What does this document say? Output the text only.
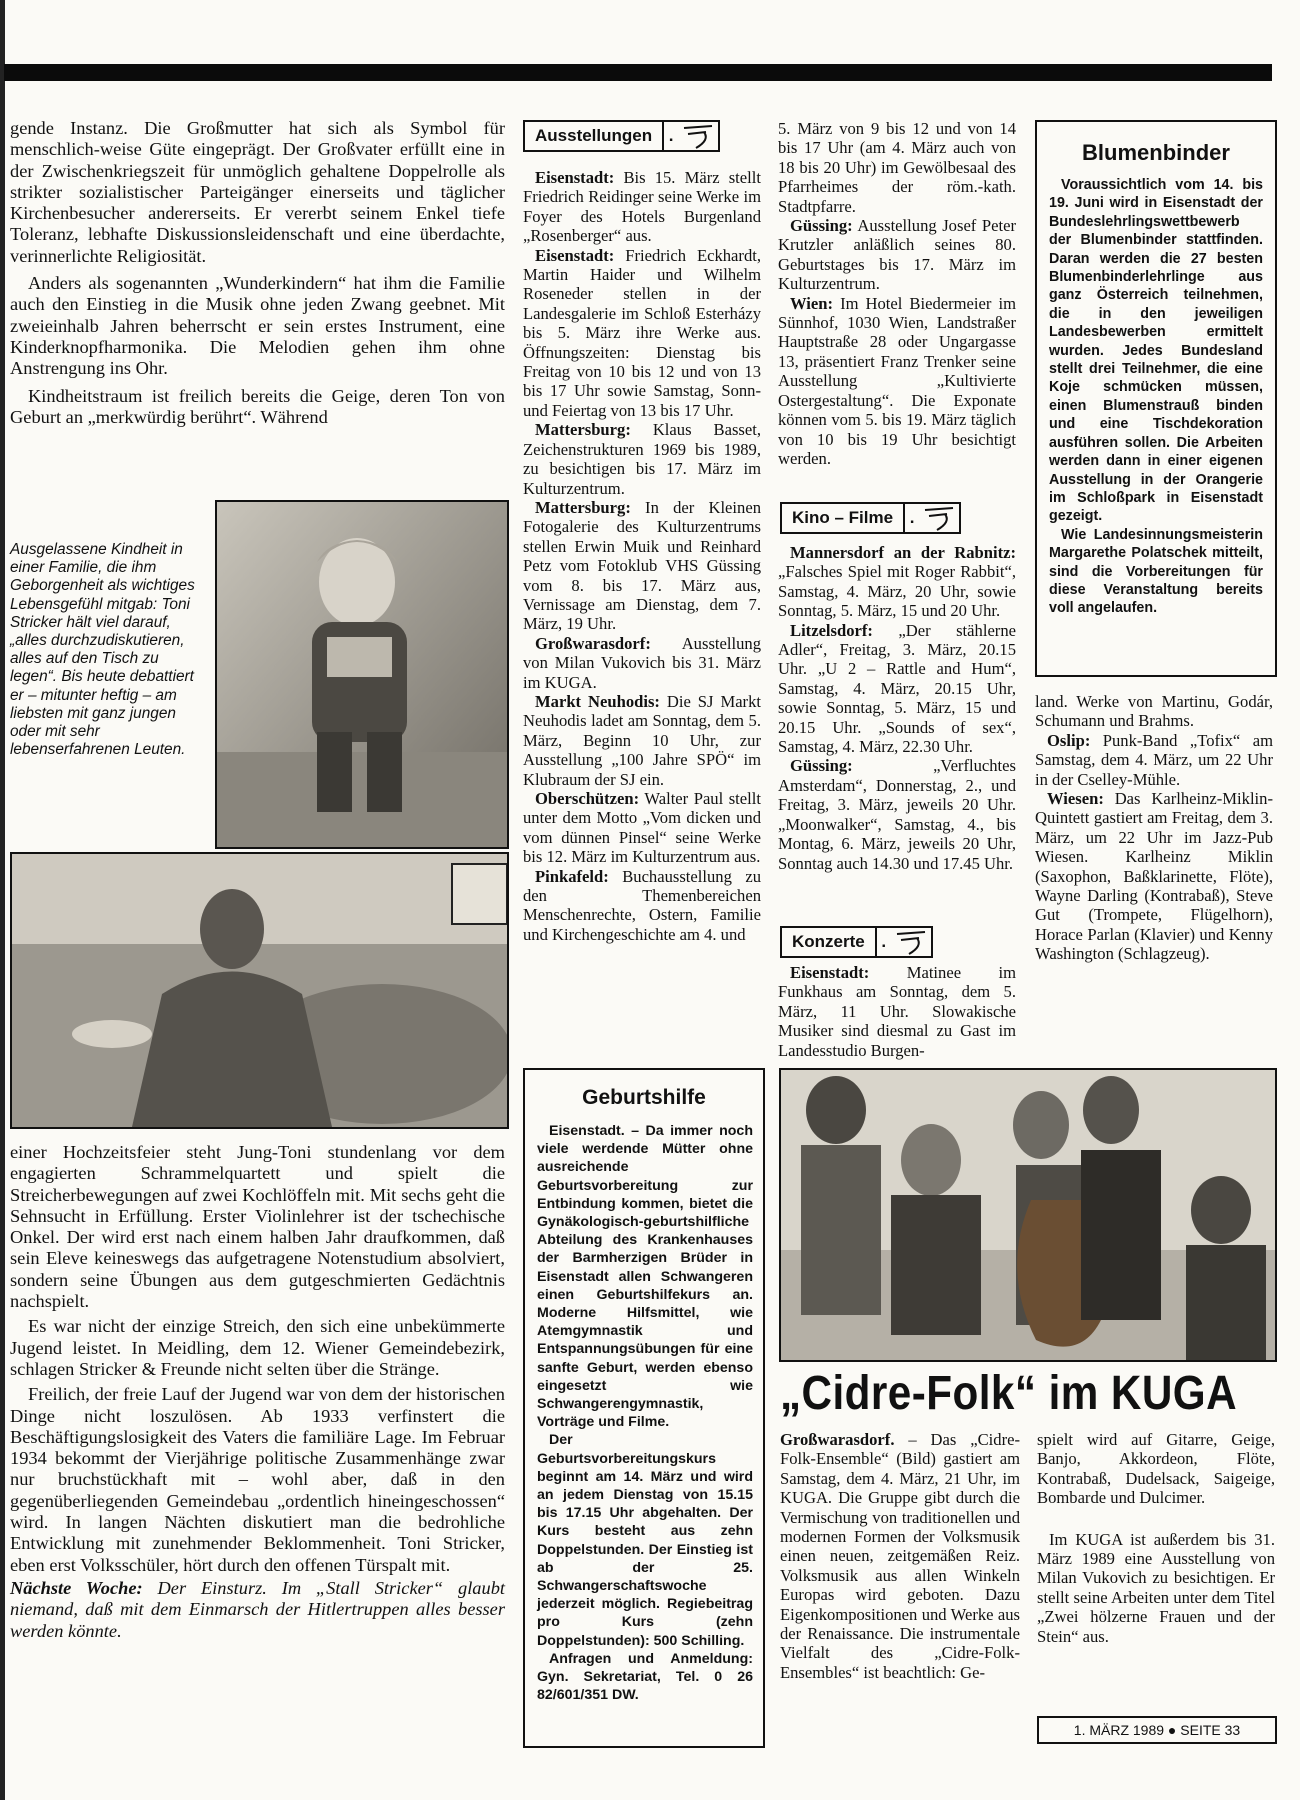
gende Instanz. Die Großmutter hat sich als Symbol für menschlich-weise Güte eingeprägt. Der Großvater erfüllt eine in der Zwischenkriegszeit für unmöglich gehaltene Doppelrolle als strikter sozialistischer Parteigänger einerseits und täglicher Kirchenbesucher andererseits. Er vererbt seinem Enkel tiefe Toleranz, lebhafte Diskussionsleidenschaft und eine überdachte, verinnerlichte Religiosität.

Anders als sogenannten „Wunderkindern“ hat ihm die Familie auch den Einstieg in die Musik ohne jeden Zwang geebnet. Mit zweieinhalb Jahren beherrscht er sein erstes Instrument, eine Kinderknopfharmonika. Die Melodien gehen ihm ohne Anstrengung ins Ohr.

Kindheitstraum ist freilich bereits die Geige, deren Ton von Geburt an „merkwürdig berührt“. Während

Ausgelassene Kindheit in einer Familie, die ihm Geborgenheit als wichtiges Lebensgefühl mitgab: Toni Stricker hält viel darauf, „alles durchzudiskutieren, alles auf den Tisch zu legen“. Bis heute debattiert er – mitunter heftig – am liebsten mit ganz jungen oder mit sehr lebenserfahrenen Leuten.

einer Hochzeitsfeier steht Jung-Toni stundenlang vor dem engagierten Schrammelquartett und spielt die Streicherbewegungen auf zwei Kochlöffeln mit. Mit sechs geht die Sehnsucht in Erfüllung. Erster Violinlehrer ist der tschechische Onkel. Der wird erst nach einem halben Jahr draufkommen, daß sein Eleve keineswegs das aufgetragene Notenstudium absolviert, sondern seine Übungen aus dem gutgeschmierten Gedächtnis nachspielt.

Es war nicht der einzige Streich, den sich eine unbekümmerte Jugend leistet. In Meidling, dem 12. Wiener Gemeindebezirk, schlagen Stricker & Freunde nicht selten über die Stränge.

Freilich, der freie Lauf der Jugend war von dem der historischen Dinge nicht loszulösen. Ab 1933 verfinstert die Beschäftigungslosigkeit des Vaters die familiäre Lage. Im Februar 1934 bekommt der Vierjährige politische Zusammenhänge zwar nur bruchstückhaft mit – wohl aber, daß in den gegenüberliegenden Gemeindebau „ordentlich hineingeschossen“ wird. In langen Nächten diskutiert man die bedrohliche Entwicklung mit zunehmender Beklommenheit. Toni Stricker, eben erst Volksschüler, hört durch den offenen Türspalt mit.

Nächste Woche: Der Einsturz. Im „Stall Stricker“ glaubt niemand, daß mit dem Einmarsch der Hitlertruppen alles besser werden könnte.

Ausstellungen .

Eisenstadt: Bis 15. März stellt Friedrich Reidinger seine Werke im Foyer des Hotels Burgenland „Rosenberger“ aus.

Eisenstadt: Friedrich Eckhardt, Martin Haider und Wilhelm Roseneder stellen in der Landesgalerie im Schloß Esterházy bis 5. März ihre Werke aus. Öffnungszeiten: Dienstag bis Freitag von 10 bis 12 und von 13 bis 17 Uhr sowie Samstag, Sonn- und Feiertag von 13 bis 17 Uhr.

Mattersburg: Klaus Basset, Zeichenstrukturen 1969 bis 1989, zu besichtigen bis 17. März im Kulturzentrum.

Mattersburg: In der Kleinen Fotogalerie des Kulturzentrums stellen Erwin Muik und Reinhard Petz vom Fotoklub VHS Güssing vom 8. bis 17. März aus, Vernissage am Dienstag, dem 7. März, 19 Uhr.

Großwarasdorf: Ausstellung von Milan Vukovich bis 31. März im KUGA.

Markt Neuhodis: Die SJ Markt Neuhodis ladet am Sonntag, dem 5. März, Beginn 10 Uhr, zur Ausstellung „100 Jahre SPÖ“ im Klubraum der SJ ein.

Oberschützen: Walter Paul stellt unter dem Motto „Vom dicken und vom dünnen Pinsel“ seine Werke bis 12. März im Kulturzentrum aus.

Pinkafeld: Buchausstellung zu den Themenbereichen Menschenrechte, Ostern, Familie und Kirchengeschichte am 4. und

5. März von 9 bis 12 und von 14 bis 17 Uhr (am 4. März auch von 18 bis 20 Uhr) im Gewölbesaal des Pfarrheimes der röm.-kath. Stadtpfarre.

Güssing: Ausstellung Josef Peter Krutzler anläßlich seines 80. Geburtstages bis 17. März im Kulturzentrum.

Wien: Im Hotel Biedermeier im Sünnhof, 1030 Wien, Landstraßer Hauptstraße 28 oder Ungargasse 13, präsentiert Franz Trenker seine Ausstellung „Kultivierte Ostergestaltung“. Die Exponate können vom 5. bis 19. März täglich von 10 bis 19 Uhr besichtigt werden.

Kino – Filme .

Mannersdorf an der Rabnitz: „Falsches Spiel mit Roger Rabbit“, Samstag, 4. März, 20 Uhr, sowie Sonntag, 5. März, 15 und 20 Uhr.

Litzelsdorf: „Der stählerne Adler“, Freitag, 3. März, 20.15 Uhr. „U 2 – Rattle and Hum“, Samstag, 4. März, 20.15 Uhr, sowie Sonntag, 5. März, 15 und 20.15 Uhr. „Sounds of sex“, Samstag, 4. März, 22.30 Uhr.

Güssing:	„Verfluchtes Amsterdam“, Donnerstag, 2., und Freitag, 3. März, jeweils 20 Uhr. „Moonwalker“, Samstag, 4., bis Montag, 6. März, jeweils 20 Uhr, Sonntag auch 14.30 und 17.45 Uhr.

Konzerte .

Eisenstadt: Matinee im Funkhaus am Sonntag, dem 5. März, 11 Uhr. Slowakische Musiker sind diesmal zu Gast im Landesstudio Burgen-

Blumenbinder

Voraussichtlich vom 14. bis 19. Juni wird in Eisenstadt der Bundeslehrlingswettbewerb der Blumenbinder stattfinden. Daran werden die 27 besten Blumenbinderlehrlinge aus ganz Österreich teilnehmen, die in den jeweiligen Landesbewerben ermittelt wurden. Jedes Bundesland stellt drei Teilnehmer, die eine Koje schmücken müssen, einen Blumenstrauß binden und eine Tischdekoration ausführen sollen. Die Arbeiten werden dann in einer eigenen Ausstellung in der Orangerie im Schloßpark in Eisenstadt gezeigt.

Wie Landesinnungsmeisterin Margarethe Polatschek mitteilt, sind die Vorbereitungen für diese Veranstaltung bereits voll angelaufen.

land. Werke von Martinu, Godár, Schumann und Brahms.

Oslip: Punk-Band „Tofix“ am Samstag, dem 4. März, um 22 Uhr in der Cselley-Mühle.

Wiesen: Das Karlheinz-Miklin-Quintett gastiert am Freitag, dem 3. März, um 22 Uhr im Jazz-Pub Wiesen. Karlheinz Miklin (Saxophon, Baßklarinette, Flöte), Wayne Darling (Kontrabaß), Steve Gut (Trompete, Flügelhorn), Horace Parlan (Klavier) und Kenny Washington (Schlagzeug).

Geburtshilfe

Eisenstadt. – Da immer noch viele werdende Mütter ohne ausreichende Geburtsvorbereitung zur Entbindung kommen, bietet die Gynäkologisch-geburtshilfliche Abteilung des Krankenhauses der Barmherzigen Brüder in Eisenstadt allen Schwangeren einen Geburtshilfekurs an. Moderne Hilfsmittel, wie Atemgymnastik und Entspannungsübungen für eine sanfte Geburt, werden ebenso eingesetzt wie Schwangerengymnastik, Vorträge und Filme.

Der Geburtsvorbereitungskurs beginnt am 14. März und wird an jedem Dienstag von 15.15 bis 17.15 Uhr abgehalten. Der Kurs besteht aus zehn Doppelstunden. Der Einstieg ist ab der 25. Schwangerschaftswoche jederzeit möglich. Regiebeitrag pro Kurs (zehn Doppelstunden): 500 Schilling.

Anfragen und Anmeldung: Gyn. Sekretariat, Tel. 0 26 82/601/351 DW.

„Cidre-Folk“ im KUGA

Großwarasdorf. – Das „Cidre-Folk-Ensemble“ (Bild) gastiert am Samstag, dem 4. März, 21 Uhr, im KUGA. Die Gruppe gibt durch die Vermischung von traditionellen und modernen Formen der Volksmusik einen neuen, zeitgemäßen Reiz. Volksmusik aus allen Winkeln Europas wird geboten. Dazu Eigenkompositionen und Werke aus der Renaissance. Die instrumentale Vielfalt des „Cidre-Folk-Ensembles“ ist beachtlich: Ge-

spielt wird auf Gitarre, Geige, Banjo, Akkordeon, Flöte, Kontrabaß, Dudelsack, Saigeige, Bombarde und Dulcimer.

Im KUGA ist außerdem bis 31. März 1989 eine Ausstellung von Milan Vukovich zu besichtigen. Er stellt seine Arbeiten unter dem Titel „Zwei hölzerne Frauen und der Stein“ aus.

1. MÄRZ 1989 ● SEITE 33
